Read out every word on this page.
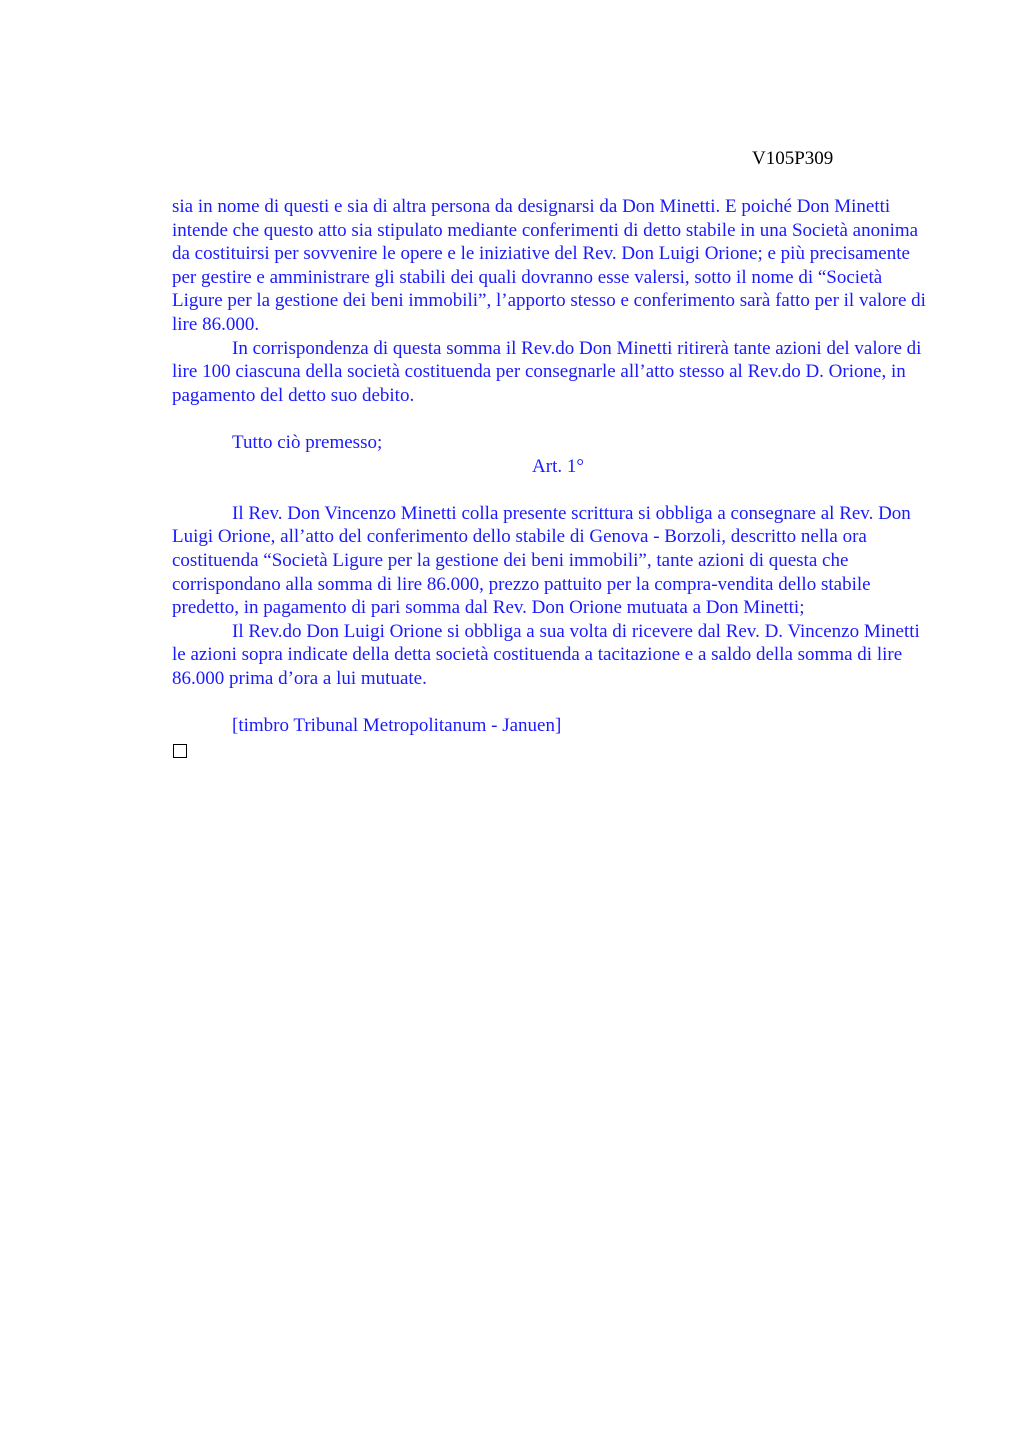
V105P309

sia in nome di questi e sia di altra persona da designarsi da Don Minetti. E poiché Don Minetti intende che questo atto sia stipulato mediante conferimenti di detto stabile in una Società anonima da costituirsi per sovvenire le opere e le iniziative del Rev. Don Luigi Orione; e più precisamente per gestire e amministrare gli stabili dei quali dovranno esse valersi, sotto il nome di “Società Ligure per la gestione dei beni immobili”, l’apporto stesso e conferimento sarà fatto per il valore di lire 86.000.

In corrispondenza di questa somma il Rev.do Don Minetti ritirerà tante azioni del valore di lire 100 ciascuna della società costituenda per consegnarle all’atto stesso al Rev.do D. Orione, in pagamento del detto suo debito.

Tutto ciò premesso;

Art. 1°

Il Rev. Don Vincenzo Minetti colla presente scrittura si obbliga a consegnare al Rev. Don Luigi Orione, all’atto del conferimento dello stabile di Genova - Borzoli, descritto nella ora costituenda “Società Ligure per la gestione dei beni immobili”, tante azioni di questa che corrispondano alla somma di lire 86.000, prezzo pattuito per la compra-vendita dello stabile predetto, in pagamento di pari somma dal Rev. Don Orione mutuata a Don Minetti;

Il Rev.do Don Luigi Orione si obbliga a sua volta di ricevere dal Rev. D. Vincenzo Minetti le azioni sopra indicate della detta società costituenda a tacitazione e a saldo della somma di lire 86.000 prima d’ora a lui mutuate.

[timbro Tribunal Metropolitanum - Januen]
